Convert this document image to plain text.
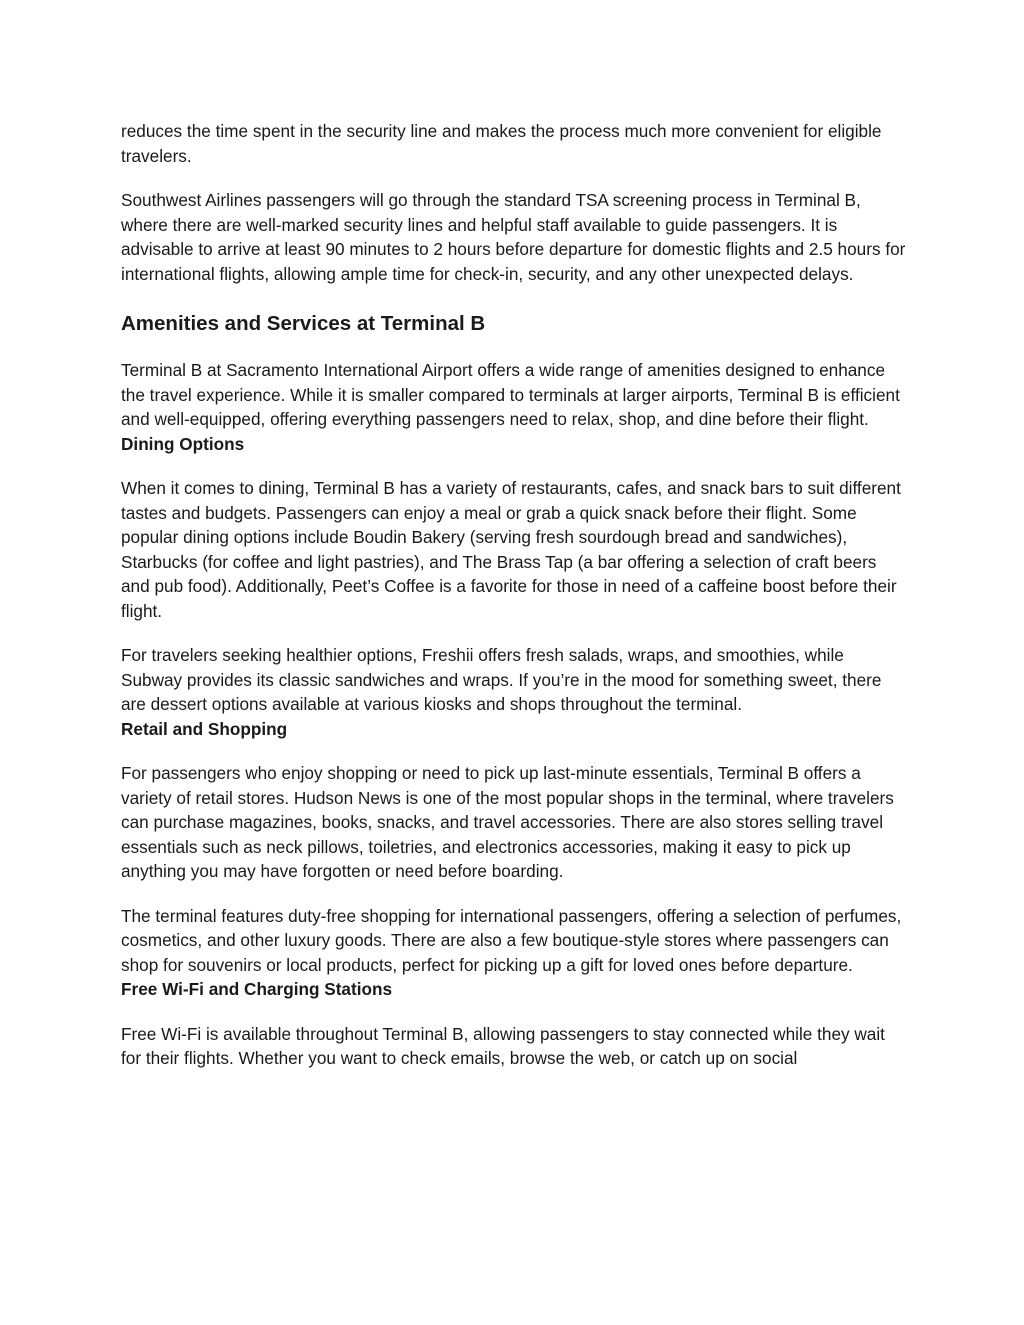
reduces the time spent in the security line and makes the process much more convenient for eligible travelers.

Southwest Airlines passengers will go through the standard TSA screening process in Terminal B, where there are well-marked security lines and helpful staff available to guide passengers. It is advisable to arrive at least 90 minutes to 2 hours before departure for domestic flights and 2.5 hours for international flights, allowing ample time for check-in, security, and any other unexpected delays.

Amenities and Services at Terminal B

Terminal B at Sacramento International Airport offers a wide range of amenities designed to enhance the travel experience. While it is smaller compared to terminals at larger airports, Terminal B is efficient and well-equipped, offering everything passengers need to relax, shop, and dine before their flight.

Dining Options

When it comes to dining, Terminal B has a variety of restaurants, cafes, and snack bars to suit different tastes and budgets. Passengers can enjoy a meal or grab a quick snack before their flight. Some popular dining options include Boudin Bakery (serving fresh sourdough bread and sandwiches), Starbucks (for coffee and light pastries), and The Brass Tap (a bar offering a selection of craft beers and pub food). Additionally, Peet’s Coffee is a favorite for those in need of a caffeine boost before their flight.

For travelers seeking healthier options, Freshii offers fresh salads, wraps, and smoothies, while Subway provides its classic sandwiches and wraps. If you’re in the mood for something sweet, there are dessert options available at various kiosks and shops throughout the terminal.

Retail and Shopping

For passengers who enjoy shopping or need to pick up last-minute essentials, Terminal B offers a variety of retail stores. Hudson News is one of the most popular shops in the terminal, where travelers can purchase magazines, books, snacks, and travel accessories. There are also stores selling travel essentials such as neck pillows, toiletries, and electronics accessories, making it easy to pick up anything you may have forgotten or need before boarding.

The terminal features duty-free shopping for international passengers, offering a selection of perfumes, cosmetics, and other luxury goods. There are also a few boutique-style stores where passengers can shop for souvenirs or local products, perfect for picking up a gift for loved ones before departure.

Free Wi-Fi and Charging Stations

Free Wi-Fi is available throughout Terminal B, allowing passengers to stay connected while they wait for their flights. Whether you want to check emails, browse the web, or catch up on social
